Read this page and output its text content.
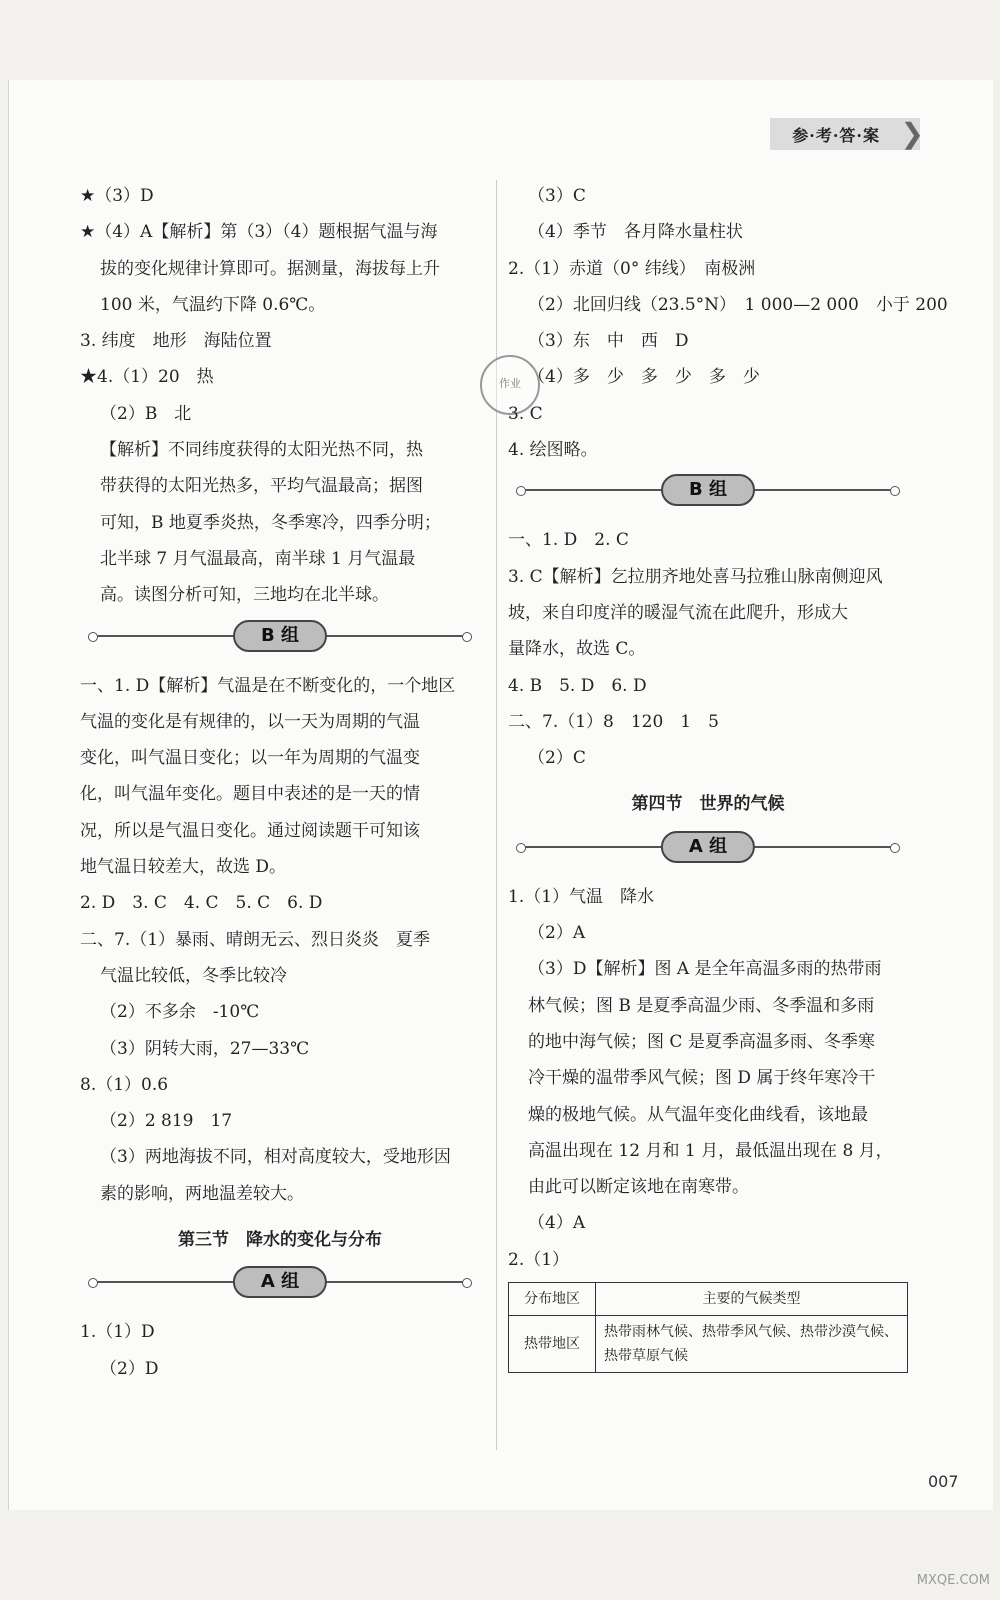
参·考·答·案 ❯
作业
★（3）D
★（4）A【解析】第（3）（4）题根据气温与海
拔的变化规律计算即可。据测量，海拔每上升
100 米，气温约下降 0.6℃。
3. 纬度　地形　海陆位置
★4.（1）20　热
（2）B　北
【解析】不同纬度获得的太阳光热不同，热
带获得的太阳光热多，平均气温最高；据图
可知，B 地夏季炎热，冬季寒冷，四季分明；
北半球 7 月气温最高，南半球 1 月气温最
高。读图分析可知，三地均在北半球。
B 组
一、1. D【解析】气温是在不断变化的，一个地区
气温的变化是有规律的，以一天为周期的气温
变化，叫气温日变化；以一年为周期的气温变
化，叫气温年变化。题目中表述的是一天的情
况，所以是气温日变化。通过阅读题干可知该
地气温日较差大，故选 D。
2. D　3. C　4. C　5. C　6. D
二、7.（1）暴雨、晴朗无云、烈日炎炎　夏季
气温比较低，冬季比较冷
（2）不多余　-10℃
（3）阴转大雨，27—33℃
8.（1）0.6
（2）2 819　17
（3）两地海拔不同，相对高度较大，受地形因
素的影响，两地温差较大。
第三节　降水的变化与分布
A 组
1.（1）D
（2）D
（3）C
（4）季节　各月降水量柱状
2.（1）赤道（0° 纬线）　南极洲
（2）北回归线（23.5°N）　1 000—2 000　小于 200
（3）东　中　西　D
（4）多　少　多　少　多　少
3. C
4. 绘图略。
B 组
一、1. D　2. C
3. C【解析】乞拉朋齐地处喜马拉雅山脉南侧迎风
坡，来自印度洋的暖湿气流在此爬升，形成大
量降水，故选 C。
4. B　5. D　6. D
二、7.（1）8　120　1　5
（2）C
第四节　世界的气候
A 组
1.（1）气温　降水
（2）A
（3）D【解析】图 A 是全年高温多雨的热带雨
林气候；图 B 是夏季高温少雨、冬季温和多雨
的地中海气候；图 C 是夏季高温多雨、冬季寒
冷干燥的温带季风气候；图 D 属于终年寒冷干
燥的极地气候。从气温年变化曲线看，该地最
高温出现在 12 月和 1 月，最低温出现在 8 月，
由此可以断定该地在南寒带。
（4）A
2.（1）
分布地区	主要的气候类型
热带地区	热带雨林气候、热带季风气候、热带沙漠气候、热带草原气候
007
MXQE.COM
